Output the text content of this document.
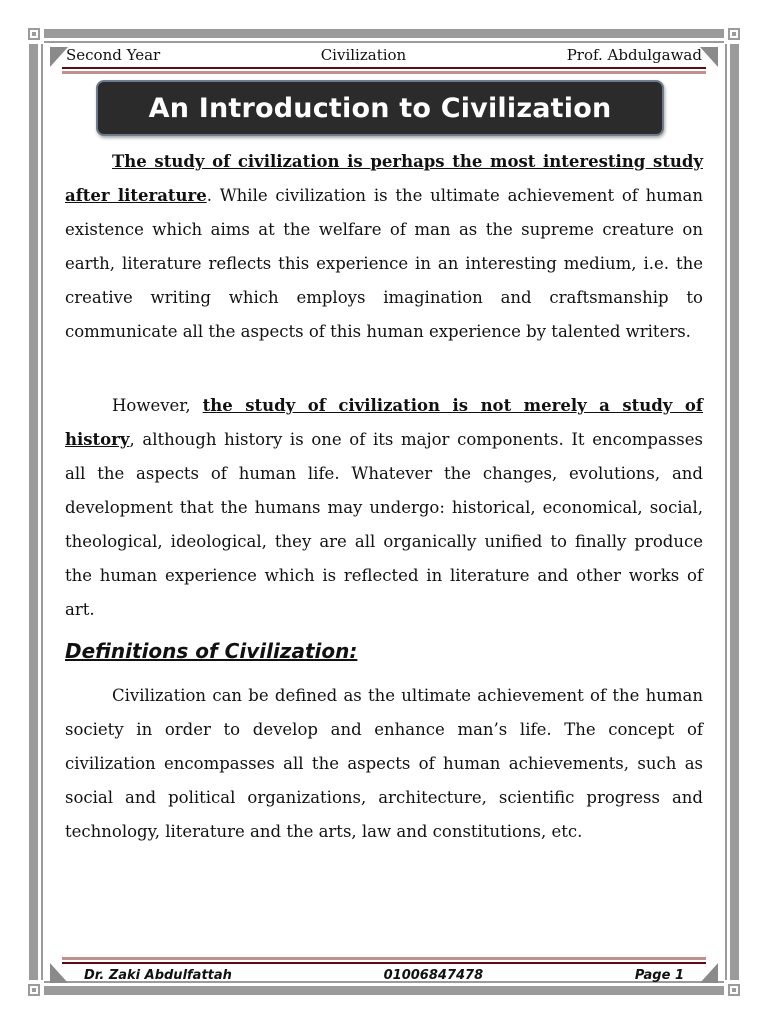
Second Year	Civilization	Prof. Abdulgawad
An Introduction to Civilization

The study of civilization is perhaps the most interesting study after literature. While civilization is the ultimate achievement of human existence which aims at the welfare of man as the supreme creature on earth, literature reflects this experience in an interesting medium, i.e. the creative writing which employs imagination and craftsmanship to communicate all the aspects of this human experience by talented writers.

However, the study of civilization is not merely a study of history, although history is one of its major components. It encompasses all the aspects of human life. Whatever the changes, evolutions, and development that the humans may undergo: historical, economical, social, theological, ideological, they are all organically unified to finally produce the human experience which is reflected in literature and other works of art.

Definitions of Civilization:

Civilization can be defined as the ultimate achievement of the human society in order to develop and enhance man’s life. The concept of civilization encompasses all the aspects of human achievements, such as social and political organizations, architecture, scientific progress and technology, literature and the arts, law and constitutions, etc.

Dr. Zaki Abdulfattah	01006847478	Page 1
